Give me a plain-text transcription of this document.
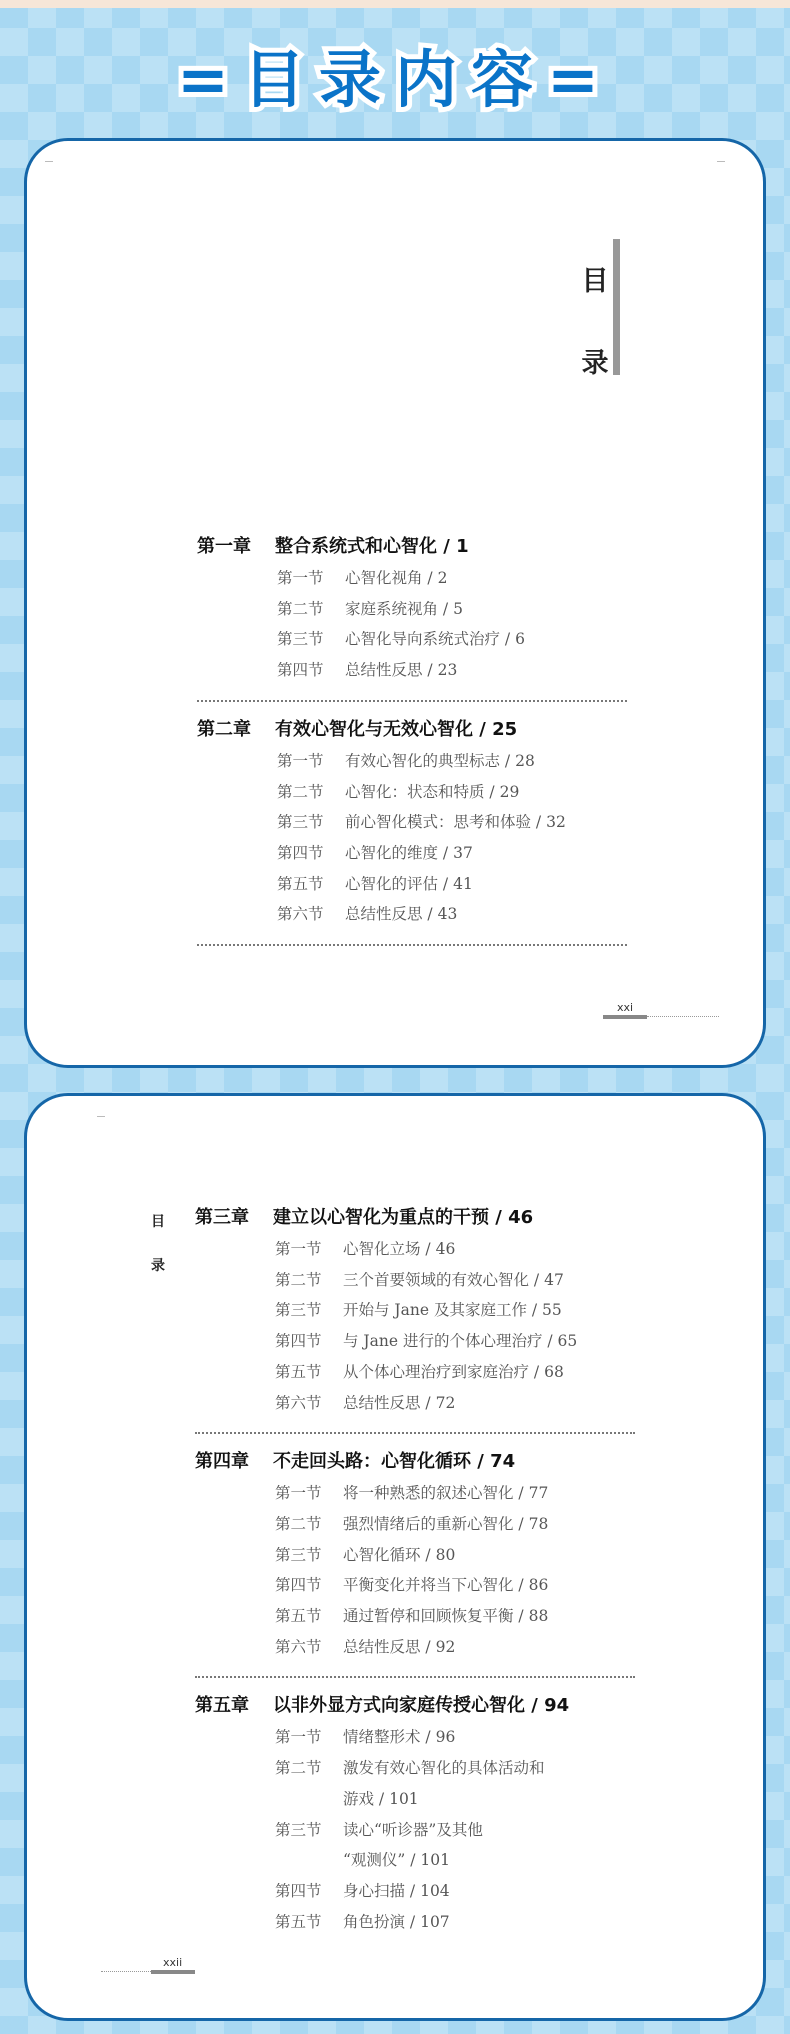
=目录内容=
目
录
第一章 整合系统式和心智化 / 1
第一节	心智化视角 / 2
第二节	家庭系统视角 / 5
第三节	心智化导向系统式治疗 / 6
第四节	总结性反思 / 23
第二章 有效心智化与无效心智化 / 25
第一节	有效心智化的典型标志 / 28
第二节	心智化：状态和特质 / 29
第三节	前心智化模式：思考和体验 / 32
第四节	心智化的维度 / 37
第五节	心智化的评估 / 41
第六节	总结性反思 / 43
xxi
目
录
第三章 建立以心智化为重点的干预 / 46
第一节	心智化立场 / 46
第二节	三个首要领域的有效心智化 / 47
第三节	开始与 Jane 及其家庭工作 / 55
第四节	与 Jane 进行的个体心理治疗 / 65
第五节	从个体心理治疗到家庭治疗 / 68
第六节	总结性反思 / 72
第四章 不走回头路：心智化循环 / 74
第一节	将一种熟悉的叙述心智化 / 77
第二节	强烈情绪后的重新心智化 / 78
第三节	心智化循环 / 80
第四节	平衡变化并将当下心智化 / 86
第五节	通过暂停和回顾恢复平衡 / 88
第六节	总结性反思 / 92
第五章 以非外显方式向家庭传授心智化 / 94
第一节	情绪整形术 / 96
第二节	激发有效心智化的具体活动和
游戏 / 101
第三节	读心“听诊器”及其他
“观测仪” / 101
第四节	身心扫描 / 104
第五节	角色扮演 / 107
xxii
